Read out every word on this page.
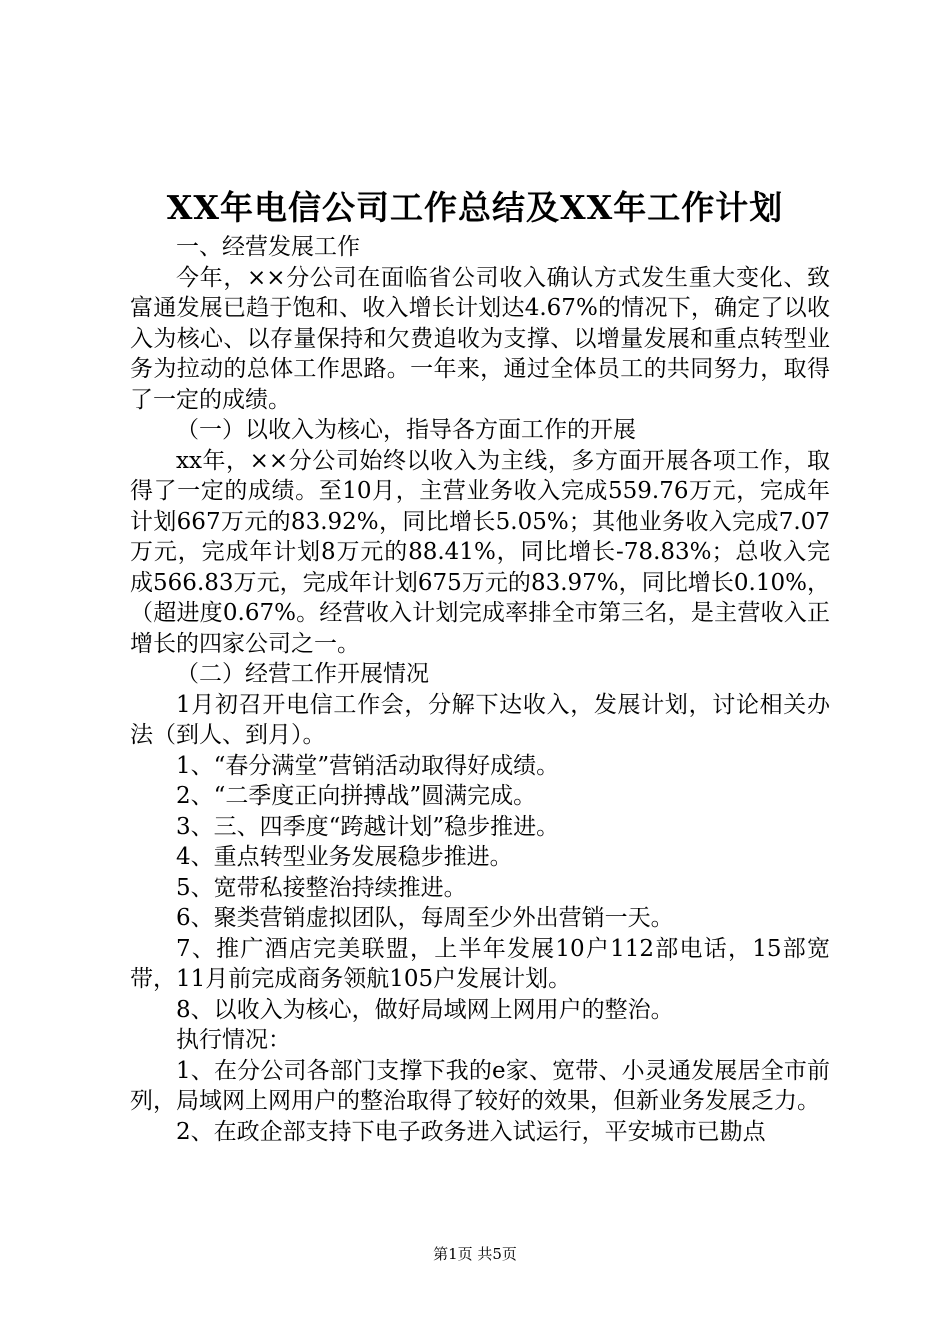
XX年电信公司工作总结及XX年工作计划

一、经营发展工作

今年，××分公司在面临省公司收入确认方式发生重大变化、致富通发展已趋于饱和、收入增长计划达4.67%的情况下，确定了以收入为核心、以存量保持和欠费追收为支撑、以增量发展和重点转型业务为拉动的总体工作思路。一年来，通过全体员工的共同努力，取得了一定的成绩。

（一）以收入为核心，指导各方面工作的开展

xx年，××分公司始终以收入为主线，多方面开展各项工作，取得了一定的成绩。至10月，主营业务收入完成559.76万元，完成年计划667万元的83.92%，同比增长5.05%；其他业务收入完成7.07万元，完成年计划8万元的88.41%，同比增长-78.83%；总收入完成566.83万元，完成年计划675万元的83.97%，同比增长0.10%，（超进度0.67%。经营收入计划完成率排全市第三名，是主营收入正增长的四家公司之一。

（二）经营工作开展情况

1月初召开电信工作会，分解下达收入，发展计划，讨论相关办法（到人、到月）。

1、“春分满堂”营销活动取得好成绩。

2、“二季度正向拼搏战”圆满完成。

3、三、四季度“跨越计划”稳步推进。

4、重点转型业务发展稳步推进。

5、宽带私接整治持续推进。

6、聚类营销虚拟团队，每周至少外出营销一天。

7、推广酒店完美联盟，上半年发展10户112部电话，15部宽带，11月前完成商务领航105户发展计划。

8、以收入为核心，做好局域网上网用户的整治。

执行情况：

1、在分公司各部门支撑下我的e家、宽带、小灵通发展居全市前列，局域网上网用户的整治取得了较好的效果，但新业务发展乏力。

2、在政企部支持下电子政务进入试运行，平安城市已勘点

第1页 共5页
